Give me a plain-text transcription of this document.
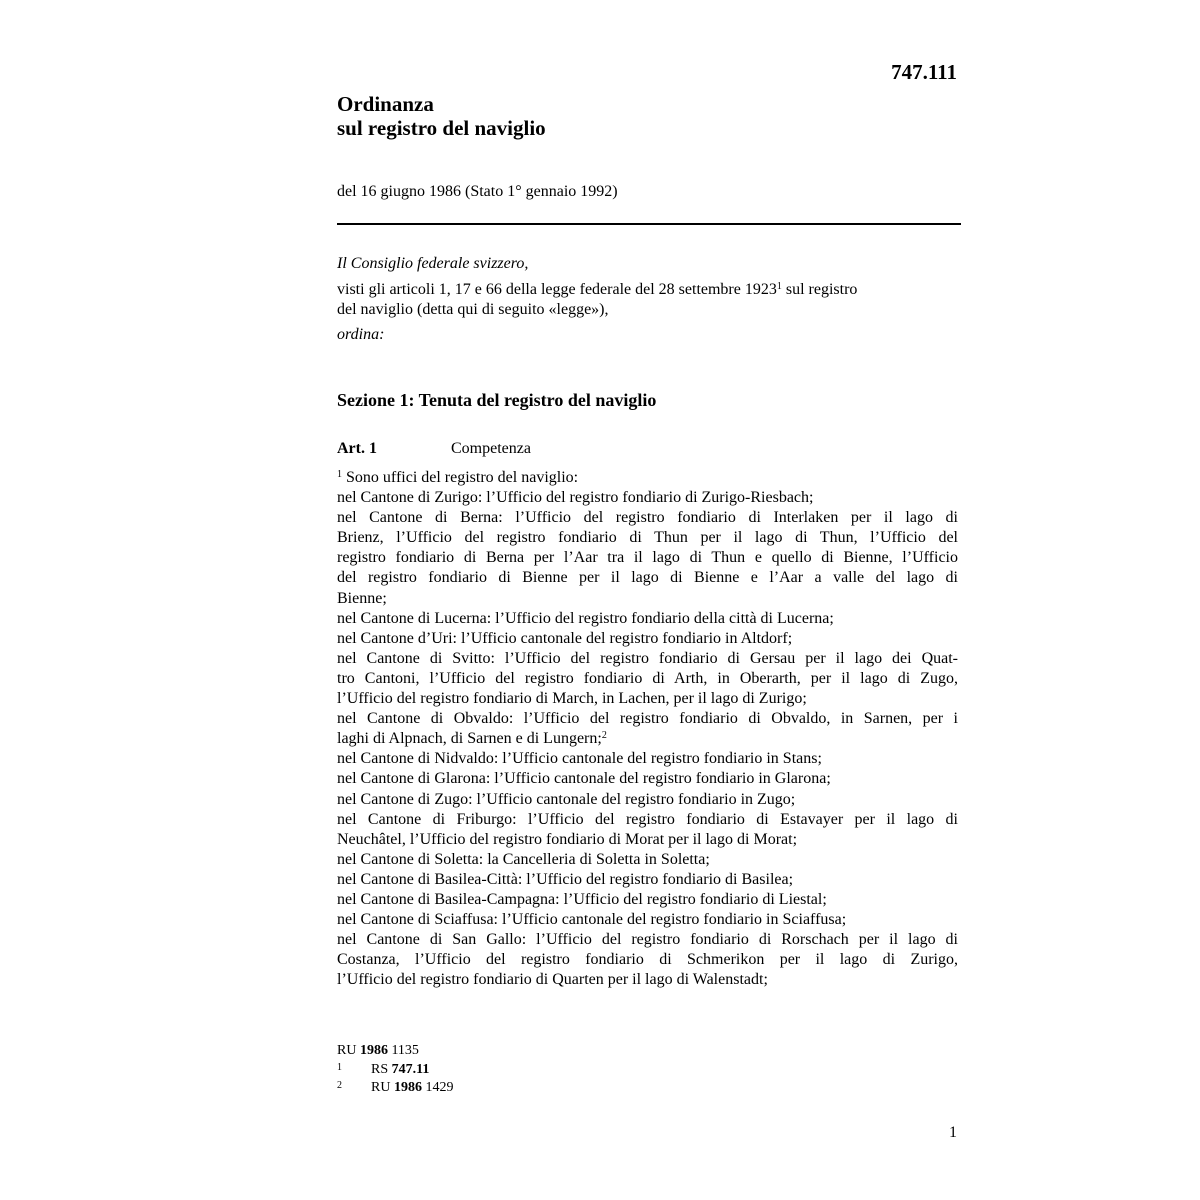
747.111
Ordinanza
sul registro del naviglio
del 16 giugno 1986 (Stato 1° gennaio 1992)
Il Consiglio federale svizzero,
visti gli articoli 1, 17 e 66 della legge federale del 28 settembre 1923$^1$ sul registro
del naviglio (detta qui di seguito «legge»),
ordina:
Sezione 1: Tenuta del registro del naviglio
Art. 1	Competenza
$^1$ Sono uffici del registro del naviglio:
nel Cantone di Zurigo: l’Ufficio del registro fondiario di Zurigo-Riesbach;
nel Cantone di Berna: l’Ufficio del registro fondiario di Interlaken per il lago di
Brienz, l’Ufficio del registro fondiario di Thun per il lago di Thun, l’Ufficio del
registro fondiario di Berna per l’Aar tra il lago di Thun e quello di Bienne, l’Ufficio
del registro fondiario di Bienne per il lago di Bienne e l’Aar a valle del lago di
Bienne;
nel Cantone di Lucerna: l’Ufficio del registro fondiario della città di Lucerna;
nel Cantone d’Uri: l’Ufficio cantonale del registro fondiario in Altdorf;
nel Cantone di Svitto: l’Ufficio del registro fondiario di Gersau per il lago dei Quat-
tro Cantoni, l’Ufficio del registro fondiario di Arth, in Oberarth, per il lago di Zugo,
l’Ufficio del registro fondiario di March, in Lachen, per il lago di Zurigo;
nel Cantone di Obvaldo: l’Ufficio del registro fondiario di Obvaldo, in Sarnen, per i
laghi di Alpnach, di Sarnen e di Lungern;$^2$
nel Cantone di Nidvaldo: l’Ufficio cantonale del registro fondiario in Stans;
nel Cantone di Glarona: l’Ufficio cantonale del registro fondiario in Glarona;
nel Cantone di Zugo: l’Ufficio cantonale del registro fondiario in Zugo;
nel Cantone di Friburgo: l’Ufficio del registro fondiario di Estavayer per il lago di
Neuchâtel, l’Ufficio del registro fondiario di Morat per il lago di Morat;
nel Cantone di Soletta: la Cancelleria di Soletta in Soletta;
nel Cantone di Basilea-Città: l’Ufficio del registro fondiario di Basilea;
nel Cantone di Basilea-Campagna: l’Ufficio del registro fondiario di Liestal;
nel Cantone di Sciaffusa: l’Ufficio cantonale del registro fondiario in Sciaffusa;
nel Cantone di San Gallo: l’Ufficio del registro fondiario di Rorschach per il lago di
Costanza, l’Ufficio del registro fondiario di Schmerikon per il lago di Zurigo,
l’Ufficio del registro fondiario di Quarten per il lago di Walenstadt;
RU 1986 1135
1 RS 747.11
2 RU 1986 1429
1
